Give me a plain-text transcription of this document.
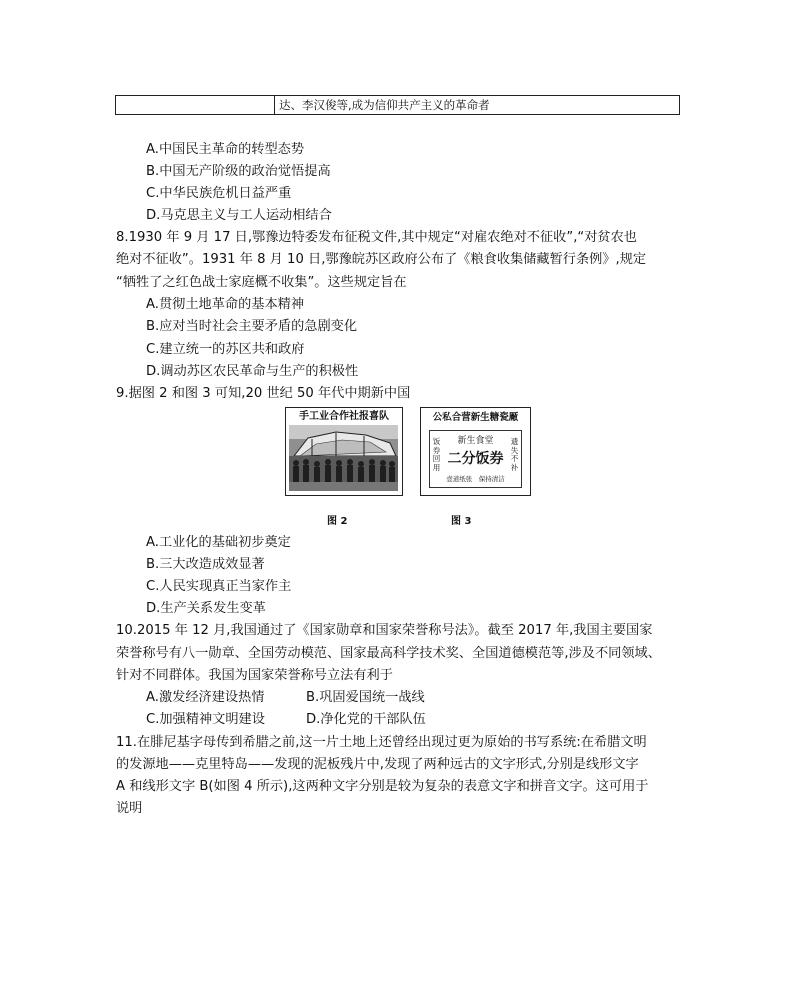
达、李汉俊等,成为信仰共产主义的革命者
A.中国民主革命的转型态势
B.中国无产阶级的政治觉悟提高
C.中华民族危机日益严重
D.马克思主义与工人运动相结合
8.1930 年 9 月 17 日,鄂豫边特委发布征税文件,其中规定“对雇农绝对不征收”,“对贫农也
绝对不征收”。1931 年 8 月 10 日,鄂豫皖苏区政府公布了《粮食收集储藏暂行条例》,规定
“牺牲了之红色战士家庭概不收集”。这些规定旨在
A.贯彻土地革命的基本精神
B.应对当时社会主要矛盾的急剧变化
C.建立统一的苏区共和政府
D.调动苏区农民革命与生产的积极性
9.据图 2 和图 3 可知,20 世纪 50 年代中期新中国
手工业合作社报喜队
图 2
公私合营新生糖瓷厰
饭券回用
遗失不补
新生食堂
二分饭券
壹道纸张　保持清洁
图 3
A.工业化的基础初步奠定
B.三大改造成效显著
C.人民实现真正当家作主
D.生产关系发生变革
10.2015 年 12 月,我国通过了《国家勋章和国家荣誉称号法》。截至 2017 年,我国主要国家
荣誉称号有八一勋章、全国劳动模范、国家最高科学技术奖、全国道德模范等,涉及不同领域、
针对不同群体。我国为国家荣誉称号立法有利于
A.激发经济建设热情	B.巩固爱国统一战线
C.加强精神文明建设	D.净化党的干部队伍
11.在腓尼基字母传到希腊之前,这一片土地上还曾经出现过更为原始的书写系统:在希腊文明
的发源地——克里特岛——发现的泥板残片中,发现了两种远古的文字形式,分别是线形文字
A 和线形文字 B(如图 4 所示),这两种文字分别是较为复杂的表意文字和拼音文字。这可用于
说明
